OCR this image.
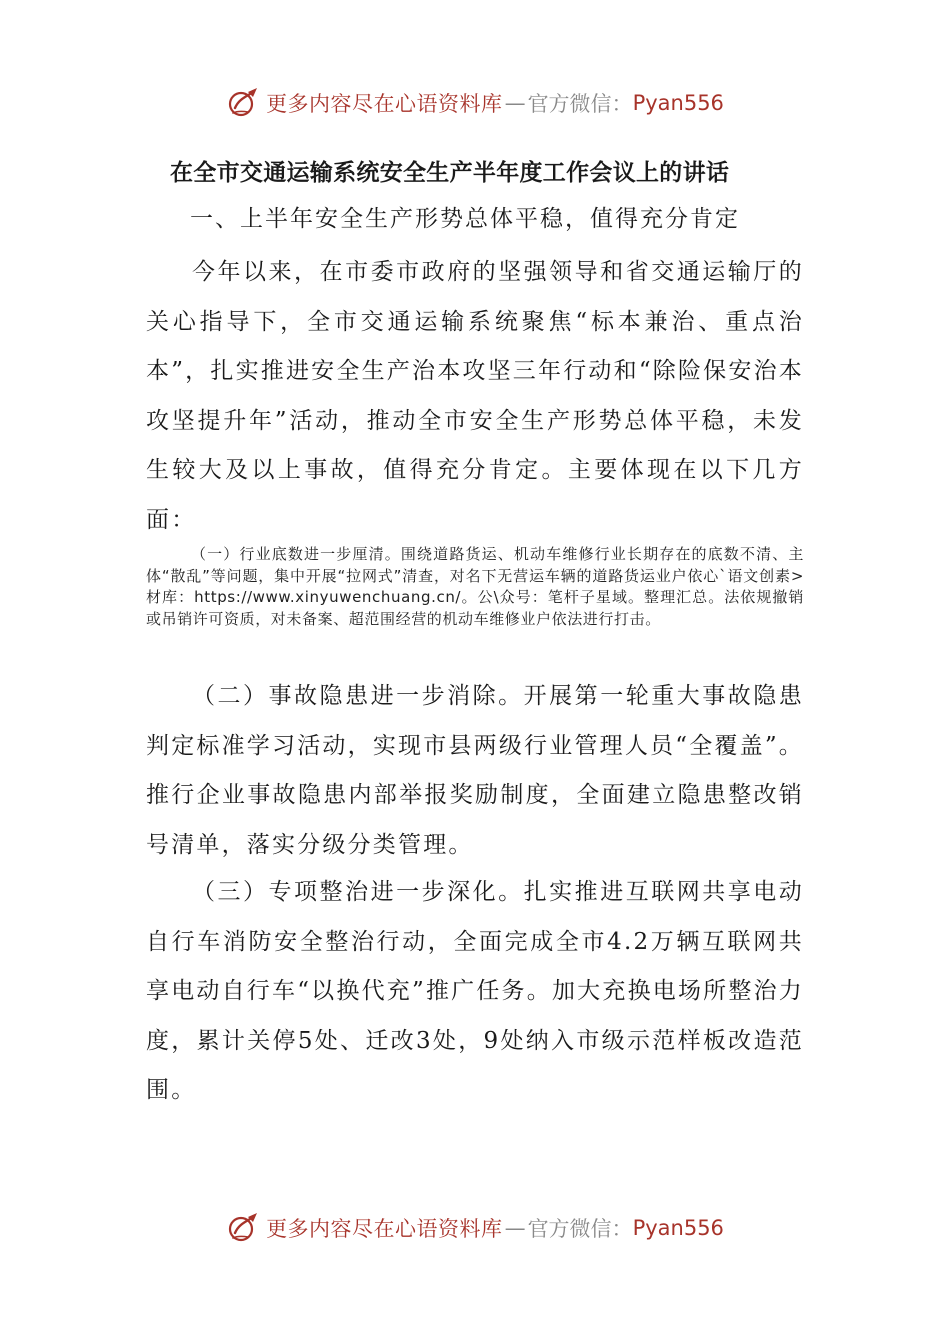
更多内容尽在心语资料库 — 官方微信： Pyan556
在全市交通运输系统安全生产半年度工作会议上的讲话
一、上半年安全生产形势总体平稳，值得充分肯定

今年以来，在市委市政府的坚强领导和省交通运输厅的关心指导下，全市交通运输系统聚焦“标本兼治、重点治本”，扎实推进安全生产治本攻坚三年行动和“除险保安治本攻坚提升年”活动，推动全市安全生产形势总体平稳，未发生较大及以上事故，值得充分肯定。主要体现在以下几方面：

（一）行业底数进一步厘清。围绕道路货运、机动车维修行业长期存在的底数不清、主体“散乱”等问题，集中开展“拉网式”清查，对名下无营运车辆的道路货运业户依心`语文创素>材库：https://www.xinyuwenchuang.cn/。公\众号：笔杆子星域。整理汇总。法依规撤销或吊销许可资质，对未备案、超范围经营的机动车维修业户依法进行打击。

（二）事故隐患进一步消除。开展第一轮重大事故隐患判定标准学习活动，实现市县两级行业管理人员“全覆盖”。推行企业事故隐患内部举报奖励制度，全面建立隐患整改销号清单，落实分级分类管理。

（三）专项整治进一步深化。扎实推进互联网共享电动自行车消防安全整治行动，全面完成全市4.2万辆互联网共享电动自行车“以换代充”推广任务。加大充换电场所整治力度，累计关停5处、迁改3处，9处纳入市级示范样板改造范围。

更多内容尽在心语资料库 — 官方微信： Pyan556
